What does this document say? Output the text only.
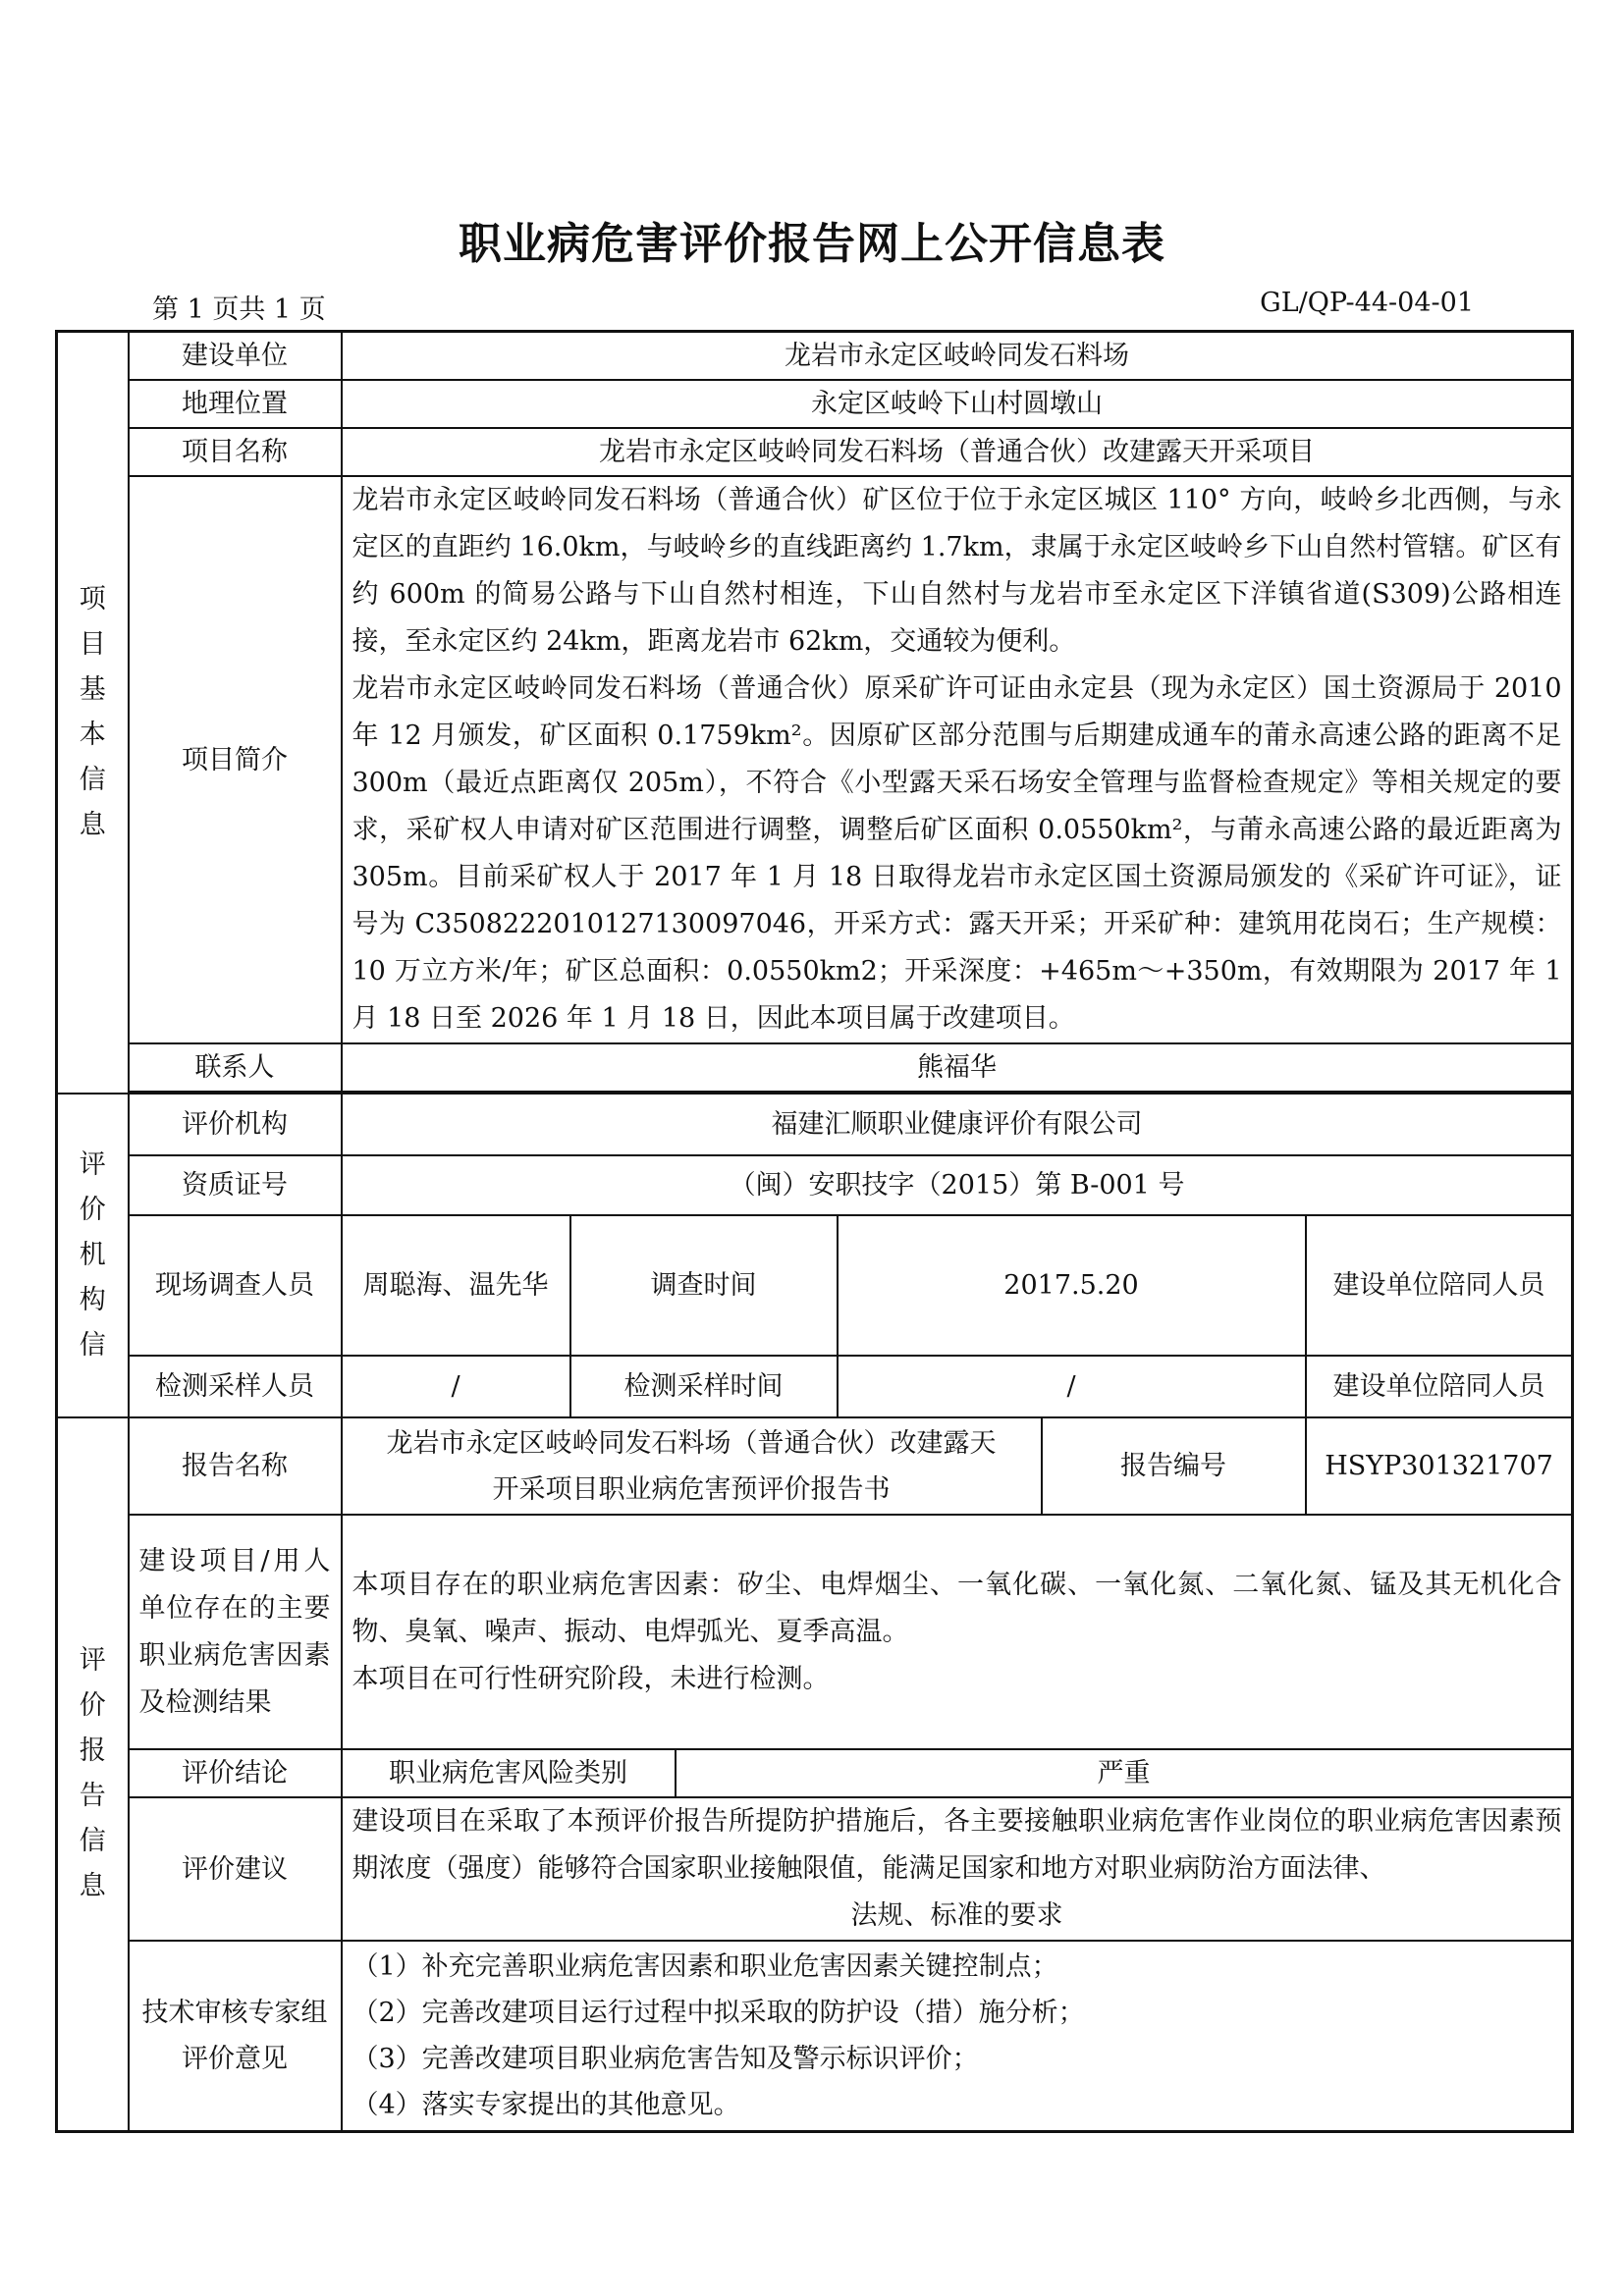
职业病危害评价报告网上公开信息表
第 1 页共 1 页	GL/QP-44-04-01
项目基本信息	建设单位	龙岩市永定区岐岭同发石料场						
	地理位置	永定区岐岭下山村圆墩山						
	项目名称	龙岩市永定区岐岭同发石料场（普通合伙）改建露天开采项目						
	项目简介	龙岩市永定区岐岭同发石料场（普通合伙）矿区位于位于永定区城区 110° 方向，岐岭乡北西侧，与永定区的直距约 16.0km，与岐岭乡的直线距离约 1.7km，隶属于永定区岐岭乡下山自然村管辖。矿区有约 600m 的简易公路与下山自然村相连，下山自然村与龙岩市至永定区下洋镇省道(S309)公路相连接，至永定区约 24km，距离龙岩市 62km，交通较为便利。

龙岩市永定区岐岭同发石料场（普通合伙）原采矿许可证由永定县（现为永定区）国土资源局于 2010 年 12 月颁发，矿区面积 0.1759km²。因原矿区部分范围与后期建成通车的莆永高速公路的距离不足 300m（最近点距离仅 205m），不符合《小型露天采石场安全管理与监督检查规定》等相关规定的要求，采矿权人申请对矿区范围进行调整，调整后矿区面积 0.0550km²，与莆永高速公路的最近距离为 305m。目前采矿权人于 2017 年 1 月 18 日取得龙岩市永定区国土资源局颁发的《采矿许可证》，证号为 C3508222010127130097046，开采方式：露天开采；开采矿种：建筑用花岗石；生产规模：10 万立方米/年；矿区总面积：0.0550km2；开采深度：+465m～+350m，有效期限为 2017 年 1 月 18 日至 2026 年 1 月 18 日，因此本项目属于改建项目。						

	联系人	熊福华						

评价机构信	评价机构	福建汇顺职业健康评价有限公司						
	资质证号	（闽）安职技字（2015）第 B-001 号						
	现场调查人员	周聪海、温先华	调查时间		2017.5.20		建设单位陪同人员	
	检测采样人员	/	检测采样时间		/		建设单位陪同人员	
评价报告信息	报告名称	龙岩市永定区岐岭同发石料场（普通合伙）改建露天
开采项目职业病危害预评价报告书				报告编号	HSYP301321707	
	建设项目/用人单位存在的主要职业病危害因素及检测结果	本项目存在的职业病危害因素：矽尘、电焊烟尘、一氧化碳、一氧化氮、二氧化氮、锰及其无机化合物、臭氧、噪声、振动、电焊弧光、夏季高温。

本项目在可行性研究阶段，未进行检测。						

	评价结论	职业病危害风险类别		严重				
	评价建议	建设项目在采取了本预评价报告所提防护措施后，各主要接触职业病危害作业岗位的职业病危害因素预期浓度（强度）能够符合国家职业接触限值，能满足国家和地方对职业病防治方面法律、
法规、标准的要求						

	技术审核专家组评价意见	（1）补充完善职业病危害因素和职业危害因素关键控制点；
（2）完善改建项目运行过程中拟采取的防护设（措）施分析；
（3）完善改建项目职业病危害告知及警示标识评价；
（4）落实专家提出的其他意见。						
